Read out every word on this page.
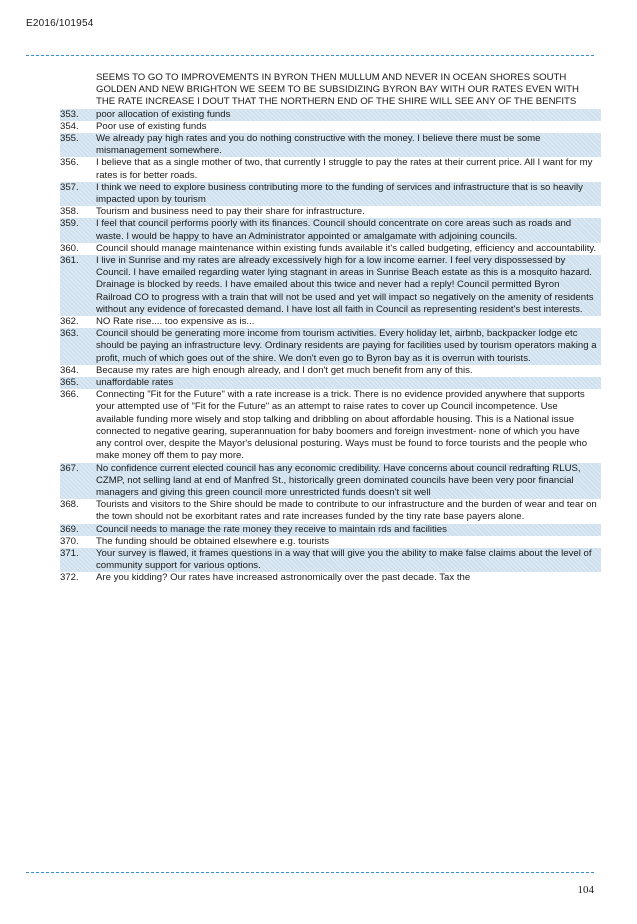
E2016/101954
SEEMS TO GO TO IMPROVEMENTS IN BYRON THEN MULLUM AND NEVER IN OCEAN SHORES SOUTH GOLDEN AND NEW BRIGHTON WE SEEM TO BE SUBSIDIZING BYRON BAY WITH OUR RATES EVEN WITH THE RATE INCREASE I DOUT THAT THE NORTHERN END OF THE SHIRE WILL SEE ANY OF THE BENFITS
353.	poor allocation of existing funds
354.	Poor use of existing funds
355.	We already pay high rates and you do nothing constructive with the money. I believe there must be some mismanagement somewhere.
356.	I believe that as a single mother of two, that currently I struggle to pay the rates at their current price. All I want for my rates is for better roads.
357.	I think we need to explore business contributing more to the funding of services and infrastructure that is so heavily impacted upon by tourism
358.	Tourism and business need to pay their share for infrastructure.
359.	I feel that council performs poorly with its finances. Council should concentrate on core areas such as roads and waste. I would be happy to have an Administrator appointed or amalgamate with adjoining councils.
360.	Council should manage maintenance within existing funds available it's called budgeting, efficiency and accountability.
361.	I live in Sunrise and my rates are already excessively high for a low income earner. I feel very dispossessed by Council. I have emailed regarding water lying stagnant in areas in Sunrise Beach estate as this is a mosquito hazard. Drainage is blocked by reeds. I have emailed about this twice and never had a reply! Council permitted Byron Railroad CO to progress with a train that will not be used and yet will impact so negatively on the amenity of residents without any evidence of forecasted demand. I have lost all faith in Council as representing resident's best interests.
362.	NO Rate rise.... too expensive as is...
363.	Council should be generating more income from tourism activities. Every holiday let, airbnb, backpacker lodge etc should be paying an infrastructure levy. Ordinary residents are paying for facilities used by tourism operators making a profit, much of which goes out of the shire. We don't even go to Byron bay as it is overrun with tourists.
364.	Because my rates are high enough already, and I don't get much benefit from any of this.
365.	unaffordable rates
366.	Connecting "Fit for the Future" with a rate increase is a trick. There is no evidence provided anywhere that supports your attempted use of "Fit for the Future" as an attempt to raise rates to cover up Council incompetence. Use available funding more wisely and stop talking and dribbling on about affordable housing. This is a National issue connected to negative gearing, superannuation for baby boomers and foreign investment- none of which you have any control over, despite the Mayor's delusional posturing. Ways must be found to force tourists and the people who make money off them to pay more.
367.	No confidence current elected council has any economic credibility. Have concerns about council redrafting RLUS, CZMP, not selling land at end of Manfred St., historically green dominated councils have been very poor financial managers and giving this green council more unrestricted funds doesn't sit well
368.	Tourists and visitors to the Shire should be made to contribute to our infrastructure and the burden of wear and tear on the town should not be exorbitant rates and rate increases funded by the tiny rate base payers alone.
369.	Council needs to manage the rate money they receive to maintain rds and facilities
370.	The funding should be obtained elsewhere e.g. tourists
371.	Your survey is flawed, it frames questions in a way that will give you the ability to make false claims about the level of community support for various options.
372.	Are you kidding? Our rates have increased astronomically over the past decade. Tax the
104
